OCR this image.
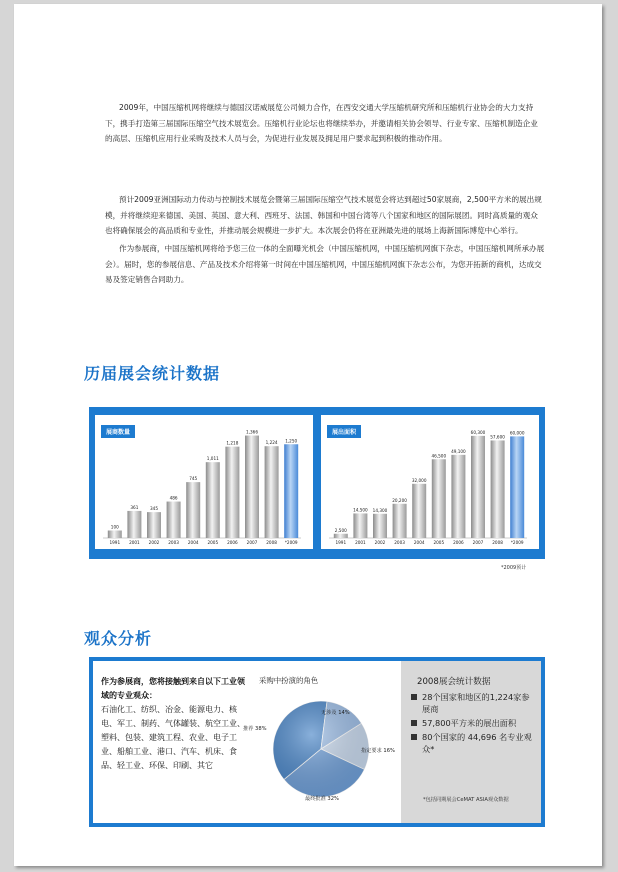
2009年，中国压缩机网将继续与德国汉诺威展览公司倾力合作，在西安交通大学压缩机研究所和压缩机行业协会的大力支持下，携手打造第三届国际压缩空气技术展览会。压缩机行业论坛也将继续举办，并邀请相关协会领导、行业专家、压缩机制造企业的高层、压缩机应用行业采购及技术人员与会，为促进行业发展及拥足用户要求起到积极的推动作用。

预计2009亚洲国际动力传动与控制技术展览会暨第三届国际压缩空气技术展览会将达到超过50家展商，2,500平方米的展出规模，并将继续迎来德国、美国、英国、意大利、西班牙、法国、韩国和中国台湾等八个国家和地区的国际展团。同时高质量的观众也将确保展会的高品质和专业性，并推动展会规模进一步扩大。本次展会仍将在亚洲最先进的展场上海新国际博览中心举行。

作为参展商，中国压缩机网将给予您三位一体的全面曝光机会（中国压缩机网，中国压缩机网旗下杂志，中国压缩机网所承办展会）。届时，您的参展信息、产品及技术介绍将第一时间在中国压缩机网，中国压缩机网旗下杂志公布，为您开拓新的商机，达成交易及签定销售合同助力。

历届展会统计数据
100
1991
361
2001
345
2002
486
2003
745
2004
1,011
2005
1,218
2006
1,366
2007
1,224
2008
1,250
*2009
展商数量
2,500
1991
14,500
2001
14,300
2002
20,200
2003
32,000
2004
46,500
2005
49,100
2006
60,300
2007
57,600
2008
60,000
*2009
展出面积
*2009预计
观众分析
作为参展商，您将接触到来自以下工业领域的专业观众：
石油化工、纺织、冶金、能源电力、核电、军工、制药、气体罐装、航空工业、塑料、包装、建筑工程、农业、电子工业、船舶工业、港口、汽车、机床、食品、轻工业、环保、印刷、其它
采购中扮演的角色
推荐 38%
无涉及 14%
指定要求 16%
最终批准 32%
2008展会统计数据
28个国家和地区的1,224家参展商
57,800平方米的展出面积
80个国家的 44,696 名专业观众*
*包括同期展会CeMAT ASIA观众数据
